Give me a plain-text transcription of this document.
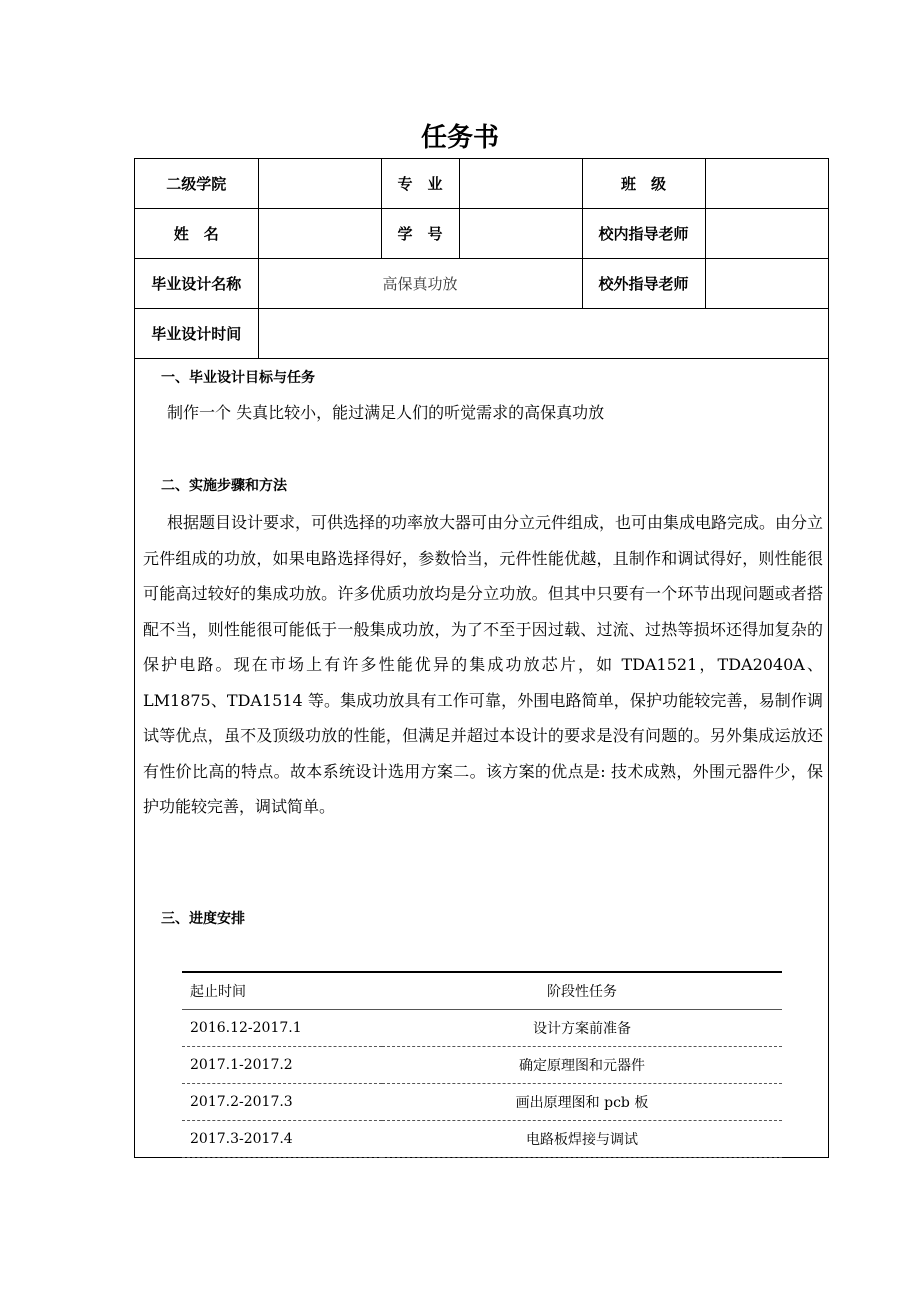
任务书
二级学院		专　业		班　级	
姓　名		学　号		校内指导老师	
毕业设计名称	高保真功放			校外指导老师	
毕业设计时间					
一、毕业设计目标与任务
制作一个 失真比较小，能过满足人们的听觉需求的高保真功放
二、实施步骤和方法

根据题目设计要求，可供选择的功率放大器可由分立元件组成，也可由集成电路完成。由分立元件组成的功放，如果电路选择得好，参数恰当，元件性能优越，且制作和调试得好，则性能很可能高过较好的集成功放。许多优质功放均是分立功放。但其中只要有一个环节出现问题或者搭配不当，则性能很可能低于一般集成功放，为了不至于因过载、过流、过热等损坏还得加复杂的保护电路。现在市场上有许多性能优异的集成功放芯片，如 TDA1521，TDA2040A、LM1875、TDA1514 等。集成功放具有工作可靠，外围电路简单，保护功能较完善，易制作调试等优点，虽不及顶级功放的性能，但满足并超过本设计的要求是没有问题的。另外集成运放还有性价比高的特点。故本系统设计选用方案二。该方案的优点是: 技术成熟，外围元器件少，保护功能较完善，调试简单。

三、进度安排
起止时间	阶段性任务
2016.12-2017.1	设计方案前准备
2017.1-2017.2	确定原理图和元器件
2017.2-2017.3	画出原理图和 pcb 板
2017.3-2017.4	电路板焊接与调试
